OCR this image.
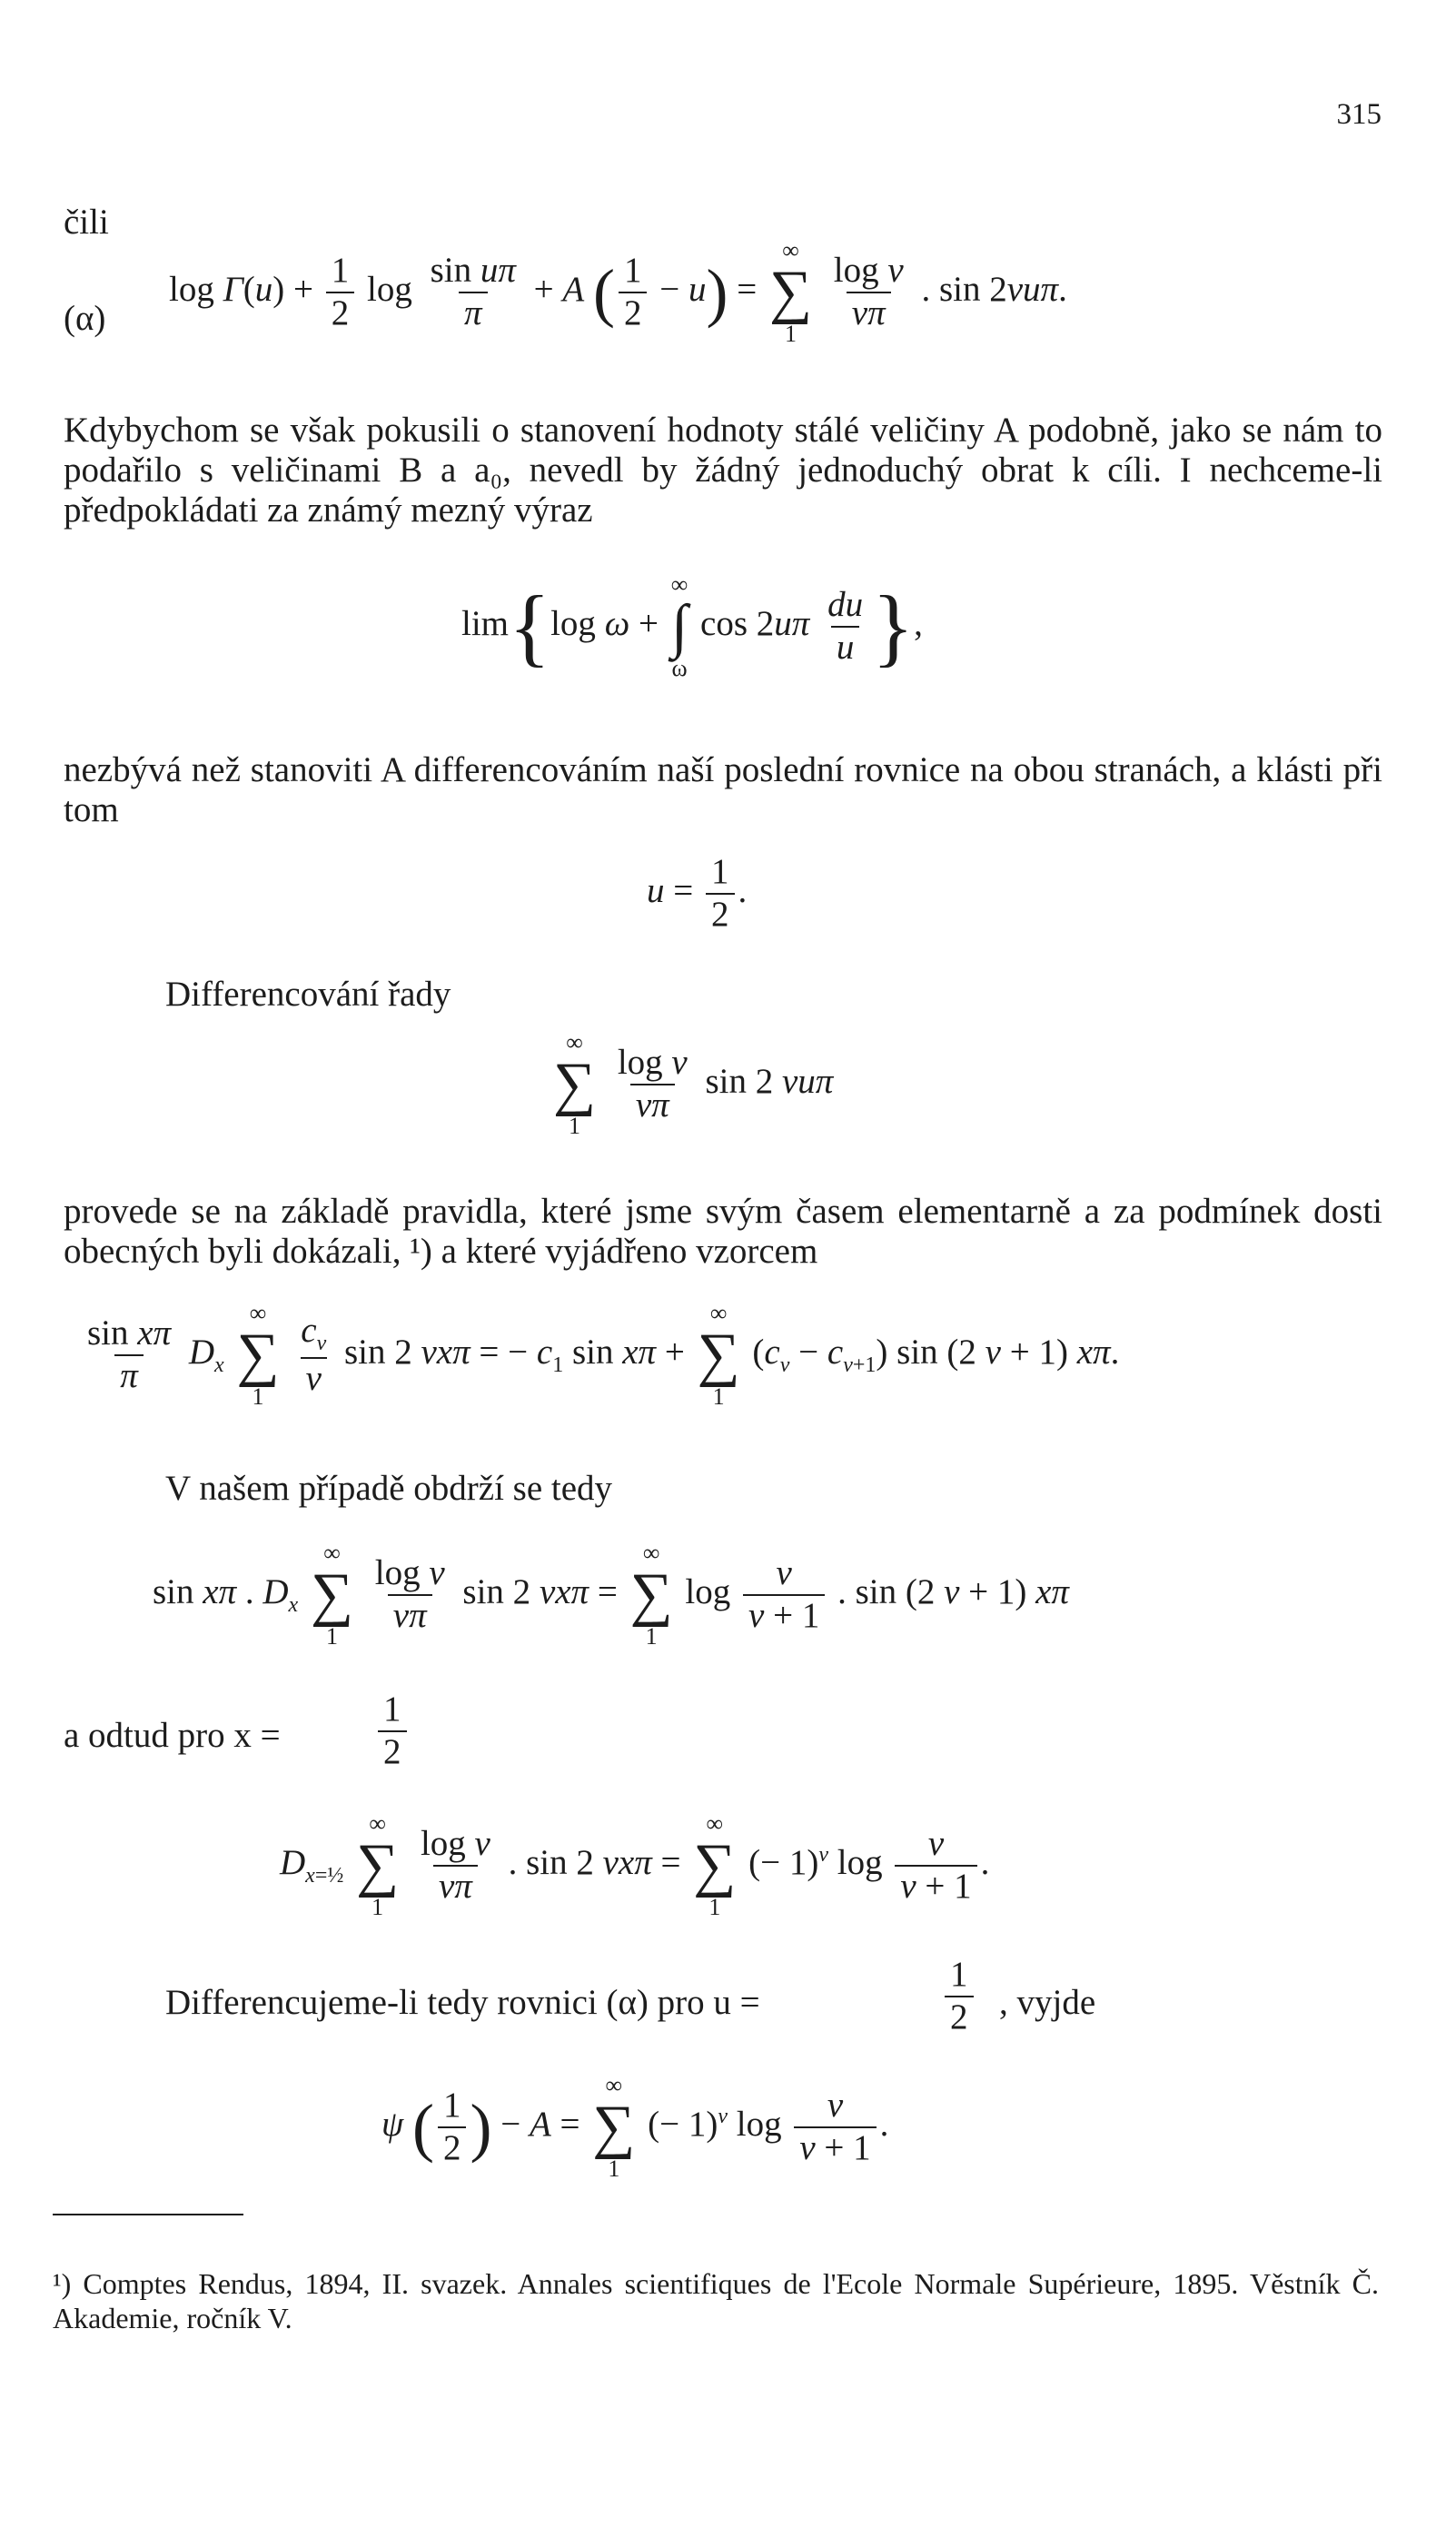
315
čili
(α)
$\log \Gamma(u) + \frac{1}{2}$ $\log \frac{\text{sin uπ}}{\pi} + A$ ( $\frac{1}{2} - u$) =
∞
∑
1

$\frac{\text{log ν}}{\nu\pi}$ . sin 2νuπ.
Kdybychom se však pokusili o stanovení hodnoty stálé veličiny A podobně, jako se nám to podařilo s veličinami B a a₀, nevedl by žádný jednoduchý obrat k cíli. I nechceme-li předpokládati za známý mezný výraz
lim{log ω +
∞
∫
ω
$\cos 2u\pi \frac{du}{u}$ },
nezbývá než stanoviti A differencováním naší poslední rovnice na obou stranách, a klásti při tom
$u = \frac{1}{2}$ .
Differencování řady
∞
∑
1

$\frac{\text{log ν}}{\nu\pi}$ sin 2 νuπ
provede se na základě pravidla, které jsme svým časem elementarně a za podmínek dosti obecných byli dokázali, ¹) a které vyjádřeno vzorcem
$\frac{\text{sin xπ}}{\pi} D_x$
∞
∑
1
$\frac{c_\nu}{\nu}$ sin 2 νxπ = − $c_1$ sin xπ +
∞
∑
1
$(c_\nu - c_{\nu+1})$ sin (2 ν + 1) xπ.
V našem případě obdrží se tedy
sin xπ . $D_x$
∞
∑
1

$\frac{\text{log ν}}{\nu\pi}$ sin 2 νxπ =
∞
∑
1
$\log \frac{\nu}{\nu + 1}$ . sin (2 ν + 1) xπ
a odtud pro x =	$\frac{1}{2}$
$D_{x=\frac{1}{2}}$
∞
∑
1

$\frac{\text{log ν}}{\nu\pi}$ . sin 2 νxπ =
∞
∑
1
(− 1)$^\nu$ $\log \frac{\nu}{\nu + 1}$ .
Differencujeme-li tedy rovnici (α) pro u =	$\frac{1}{2}$ , vyjde
ψ ( $\frac{1}{2}$ ) − A =
∞
∑
1
(− 1)$^\nu$ $\log \frac{\nu}{\nu + 1}$ .
¹) Comptes Rendus, 1894, II. svazek. Annales scientifiques de l'Ecole Normale Supérieure, 1895. Věstník Č. Akademie, ročník V.
